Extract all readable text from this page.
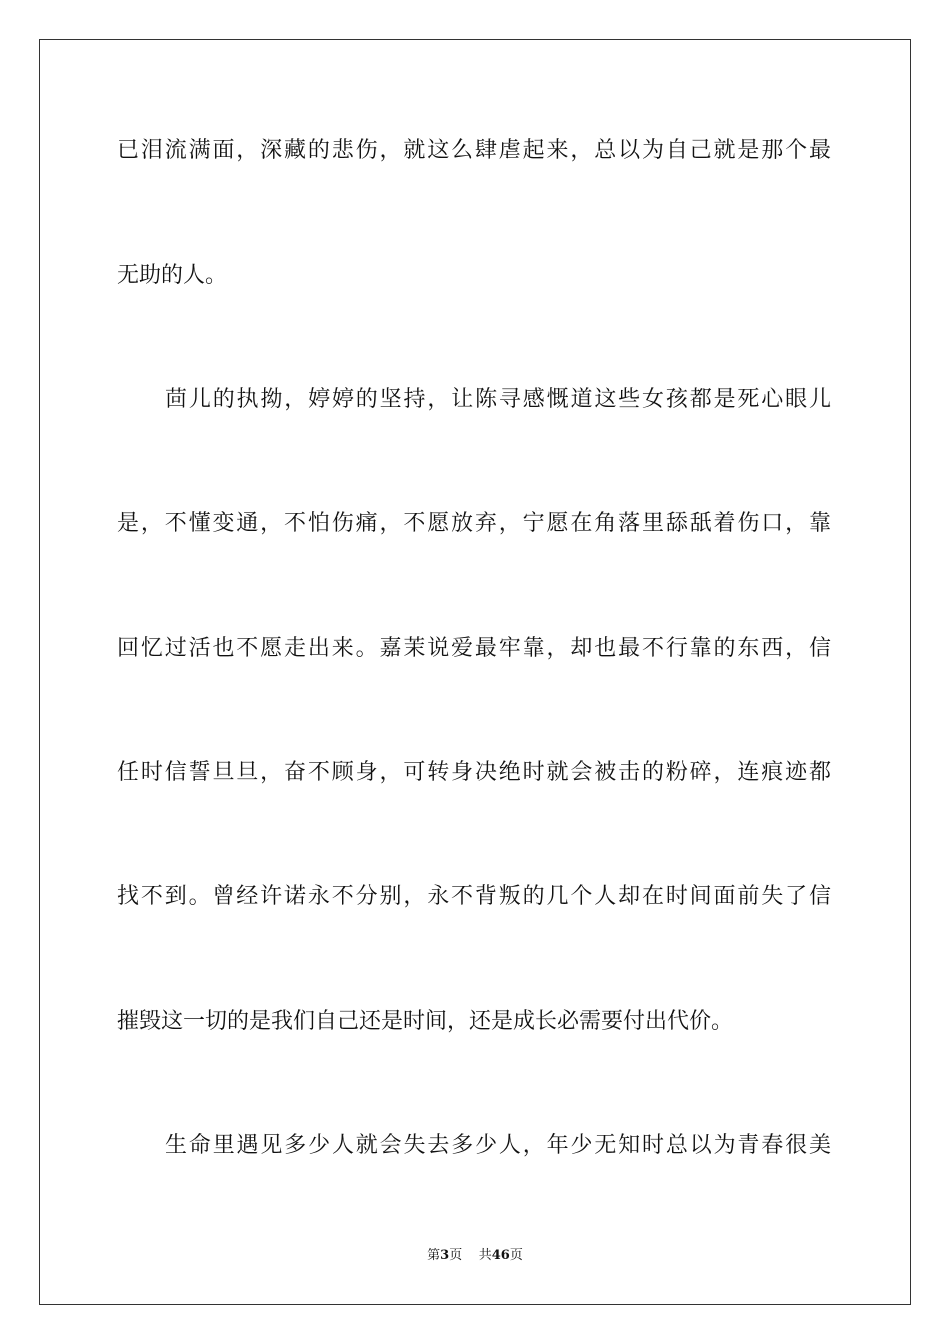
已泪流满面，深藏的悲伤，就这么肆虐起来，总以为自己就是那个最
无助的人。
茴儿的执拗，婷婷的坚持，让陈寻感慨道这些女孩都是死心眼儿
是，不懂变通，不怕伤痛，不愿放弃，宁愿在角落里舔舐着伤口，靠
回忆过活也不愿走出来。嘉茉说爱最牢靠，却也最不行靠的东西，信
任时信誓旦旦，奋不顾身，可转身决绝时就会被击的粉碎，连痕迹都
找不到。曾经许诺永不分别，永不背叛的几个人却在时间面前失了信
摧毁这一切的是我们自己还是时间，还是成长必需要付出代价。
生命里遇见多少人就会失去多少人，年少无知时总以为青春很美
第3页 共46页
